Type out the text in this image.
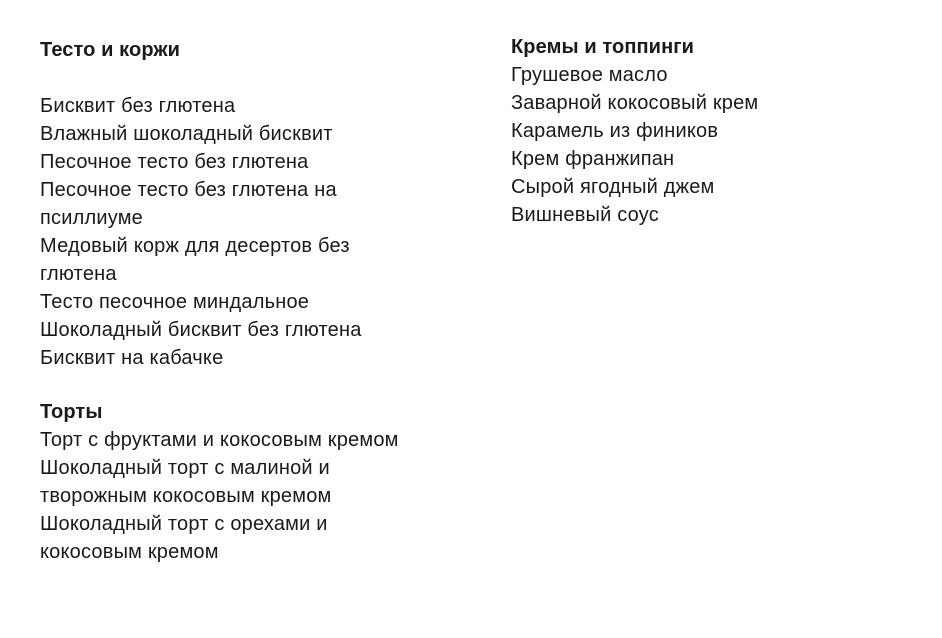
Тесто и коржи
Бисквит без глютена
Влажный шоколадный бисквит
Песочное тесто без глютена
Песочное тесто без глютена на псиллиуме
Медовый корж для десертов без глютена
Тесто песочное миндальное
Шоколадный бисквит без глютена
Бисквит на кабачке
Торты
Торт с фруктами и кокосовым кремом
Шоколадный торт с малиной и творожным кокосовым кремом
Шоколадный торт с орехами и кокосовым кремом
Кремы и топпинги
Грушевое масло
Заварной кокосовый крем
Карамель из фиников
Крем франжипан
Сырой ягодный джем
Вишневый соус
